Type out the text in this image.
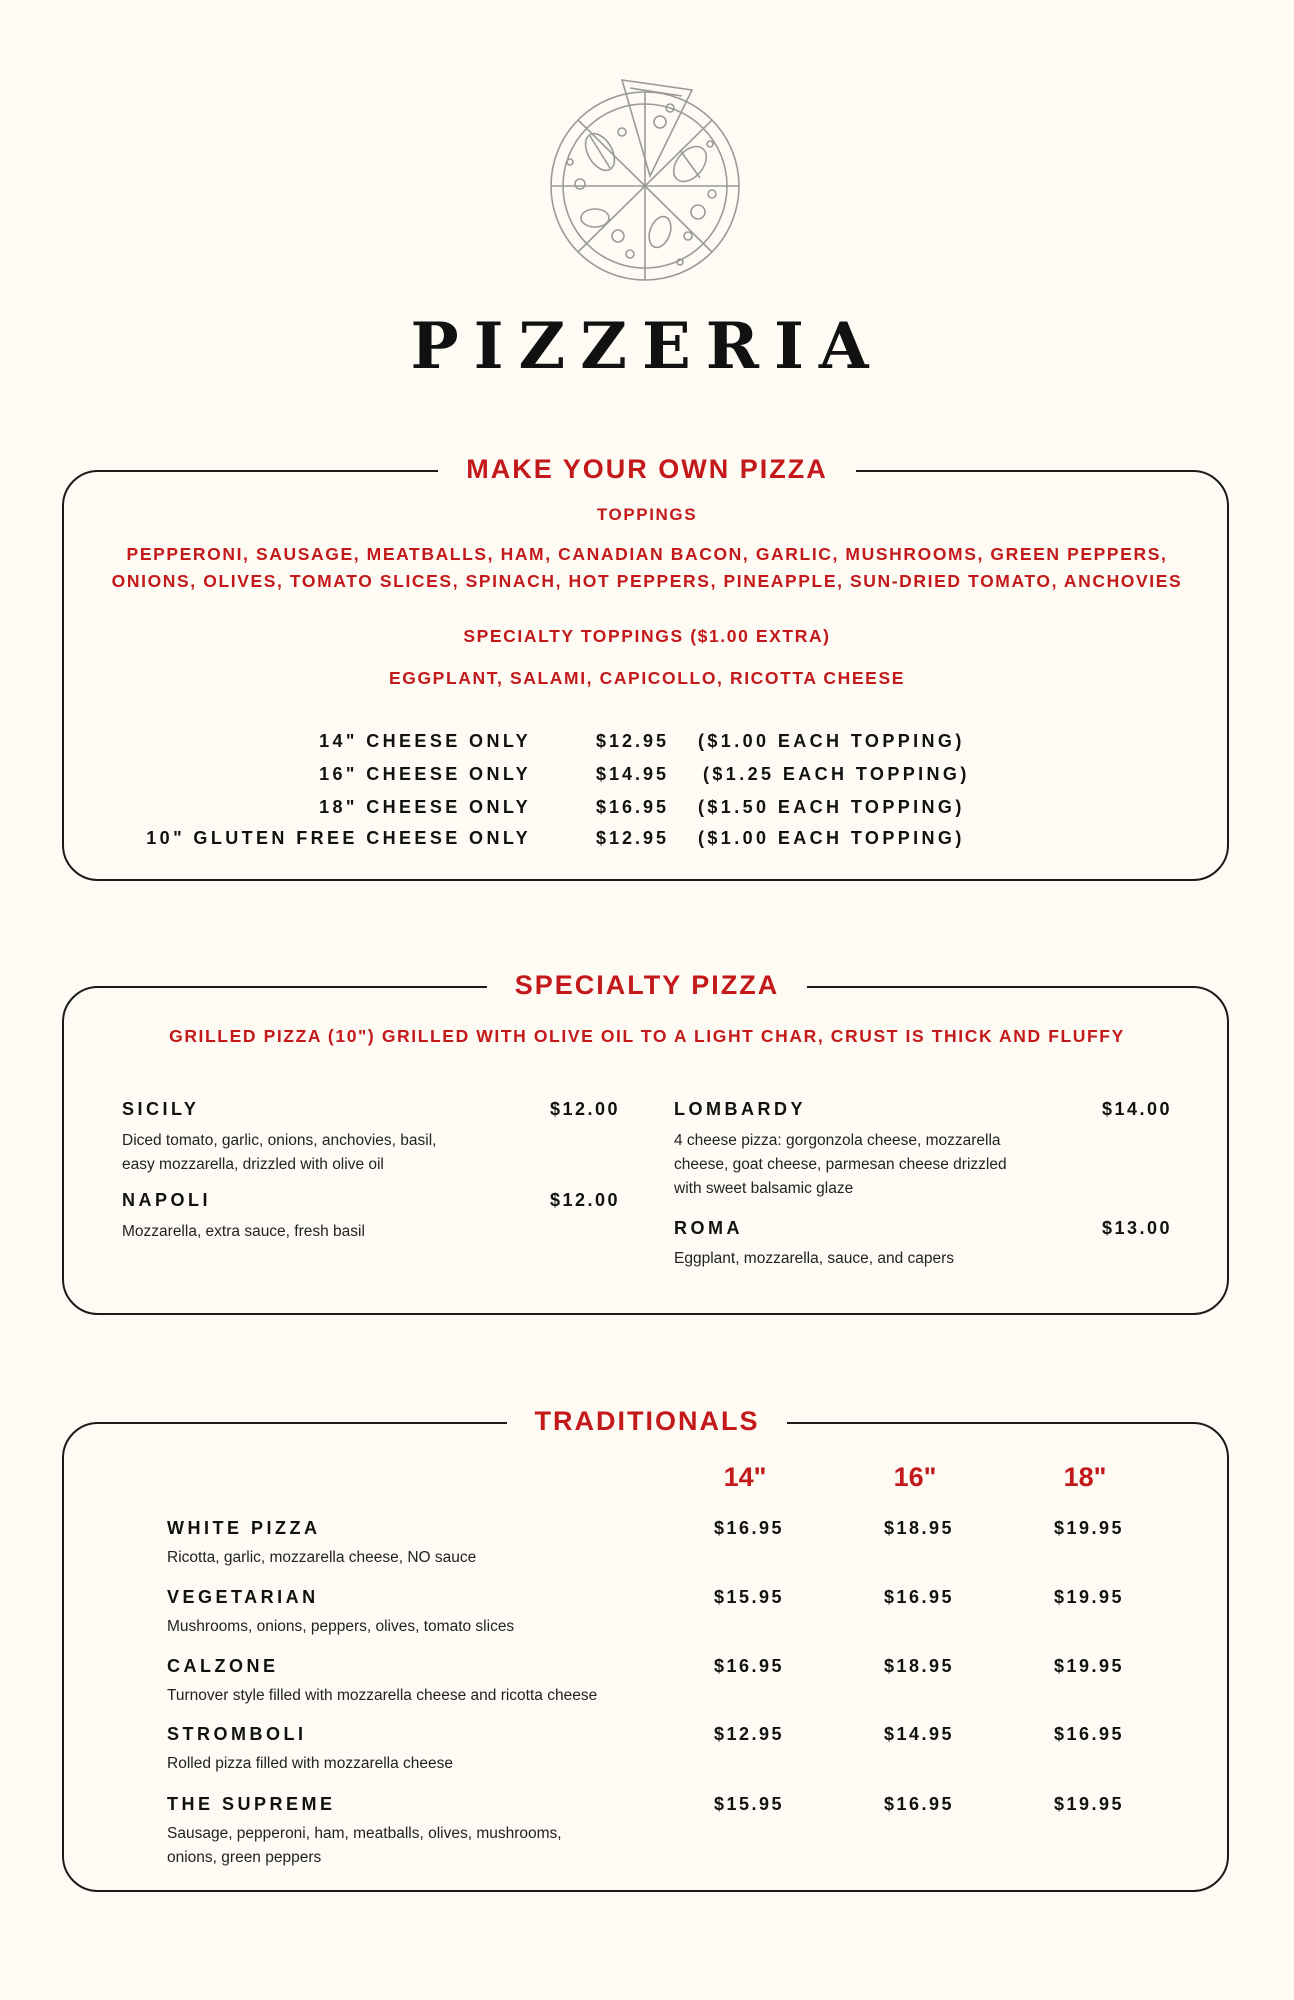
PIZZERIA
MAKE YOUR OWN PIZZA
TOPPINGS
PEPPERONI, SAUSAGE, MEATBALLS, HAM, CANADIAN BACON, GARLIC, MUSHROOMS, GREEN PEPPERS,
ONIONS, OLIVES, TOMATO SLICES, SPINACH, HOT PEPPERS, PINEAPPLE, SUN-DRIED TOMATO, ANCHOVIES
SPECIALTY TOPPINGS ($1.00 EXTRA)
EGGPLANT, SALAMI, CAPICOLLO, RICOTTA CHEESE
14" CHEESE ONLY	$12.95 ($1.00 EACH TOPPING)
16" CHEESE ONLY	$14.95 ($1.25 EACH TOPPING)
18" CHEESE ONLY	$16.95 ($1.50 EACH TOPPING)
10" GLUTEN FREE CHEESE ONLY	$12.95 ($1.00 EACH TOPPING)
SPECIALTY PIZZA
GRILLED PIZZA (10") GRILLED WITH OLIVE OIL TO A LIGHT CHAR, CRUST IS THICK AND FLUFFY
SICILY	$12.00
Diced tomato, garlic, onions, anchovies, basil,
easy mozzarella, drizzled with olive oil
NAPOLI	$12.00
Mozzarella, extra sauce, fresh basil
LOMBARDY	$14.00
4 cheese pizza: gorgonzola cheese, mozzarella
cheese, goat cheese, parmesan cheese drizzled
with sweet balsamic glaze
ROMA	$13.00
Eggplant, mozzarella, sauce, and capers
TRADITIONALS
14"	16"	18"
WHITE PIZZA
Ricotta, garlic, mozzarella cheese, NO sauce
$16.95	$18.95	$19.95
VEGETARIAN
Mushrooms, onions, peppers, olives, tomato slices
$15.95	$16.95	$19.95
CALZONE
Turnover style filled with mozzarella cheese and ricotta cheese
$16.95	$18.95	$19.95
STROMBOLI
Rolled pizza filled with mozzarella cheese
$12.95	$14.95	$16.95
THE SUPREME
Sausage, pepperoni, ham, meatballs, olives, mushrooms,
onions, green peppers
$15.95	$16.95	$19.95
